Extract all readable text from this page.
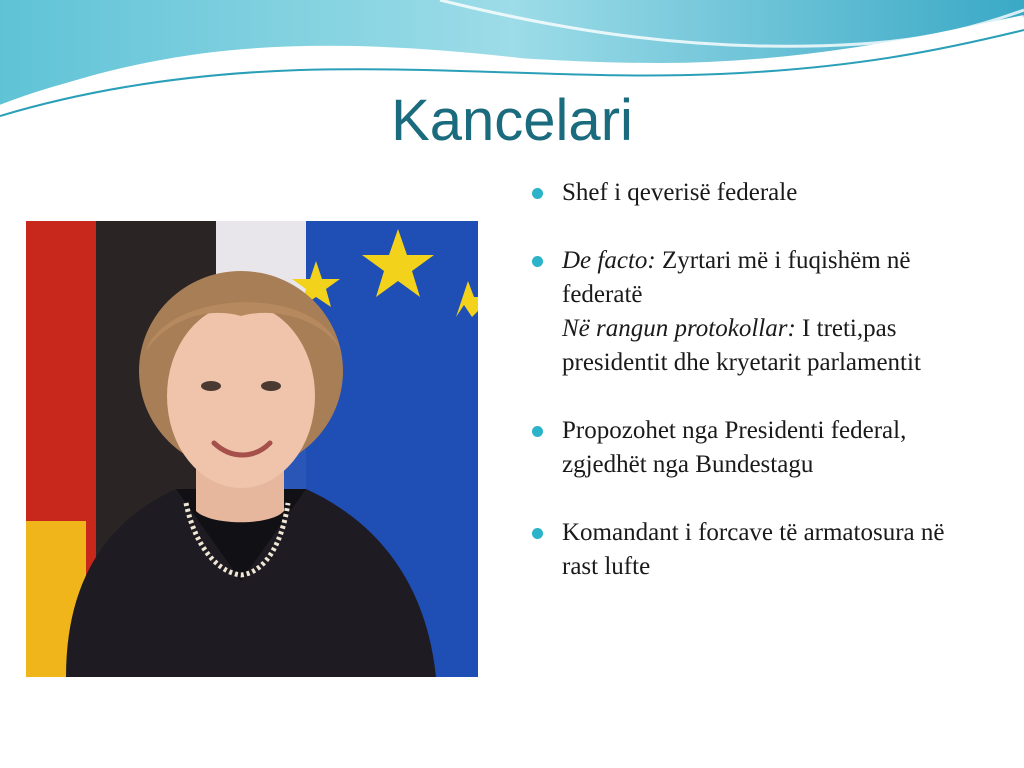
Kancelari
Shef i qeverisë federale
De facto: Zyrtari më i fuqishëm në federatë
Në rangun protokollar: I treti,pas presidentit dhe kryetarit parlamentit
Propozohet nga Presidenti federal, zgjedhët nga Bundestagu
Komandant i forcave të armatosura në rast lufte
